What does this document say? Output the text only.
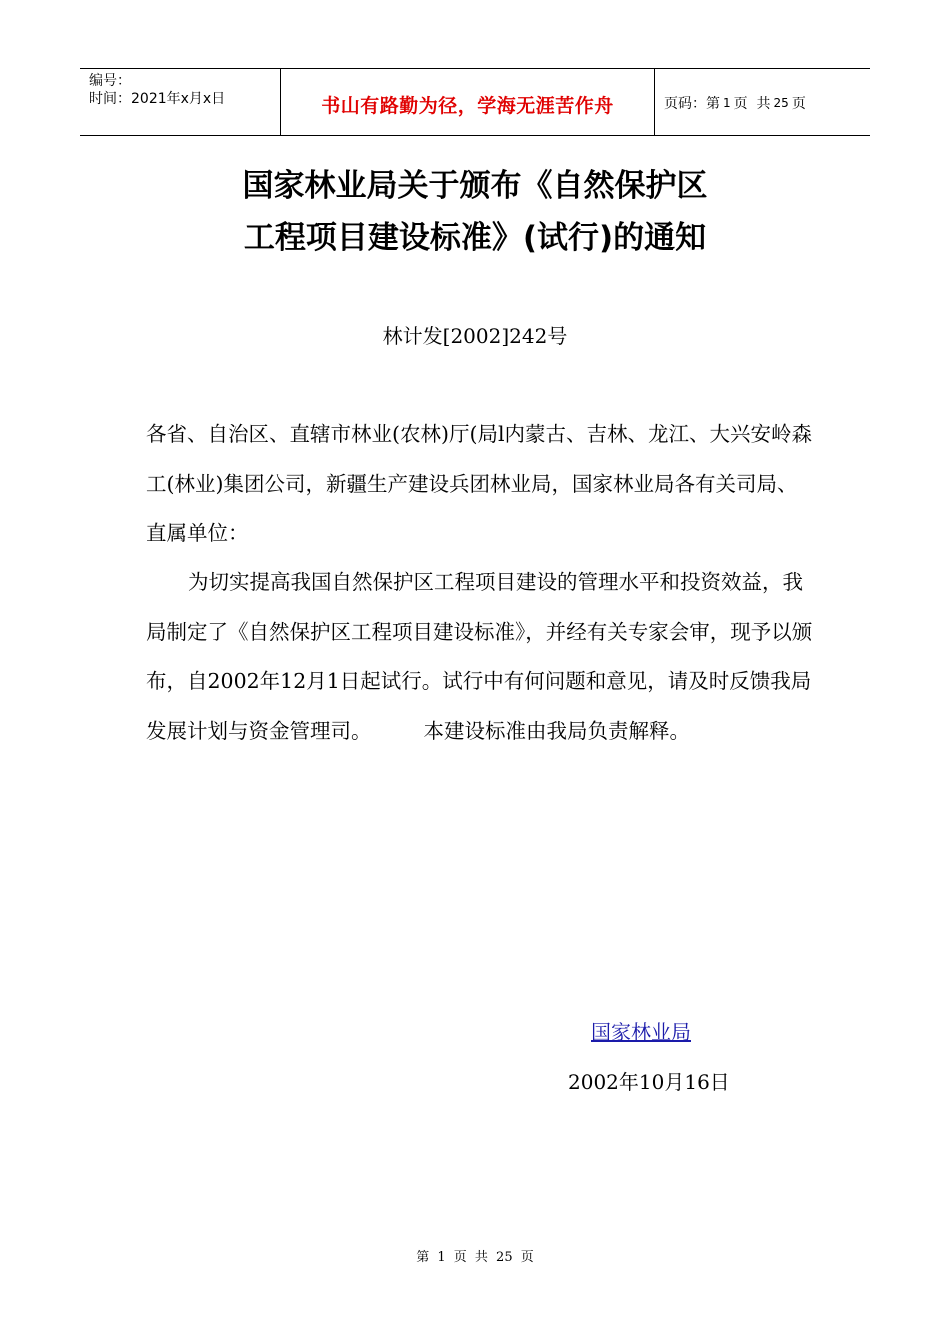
编号：
时间：2021年x月x日	书山有路勤为径，学海无涯苦作舟	页码：第 1 页  共 25 页
国家林业局关于颁布《自然保护区
工程项目建设标准》(试行)的通知
林计发[2002]242号
各省、自治区、直辖市林业(农林)厅(局l内蒙古、吉林、龙江、大兴安岭森工(林业)集团公司，新疆生产建设兵团林业局，国家林业局各有关司局、直属单位：
为切实提高我国自然保护区工程项目建设的管理水平和投资效益，我局制定了《自然保护区工程项目建设标准》，并经有关专家会审，现予以颁布，自2002年12月1日起试行。试行中有何问题和意见，请及时反馈我局发展计划与资金管理司。	本建设标准由我局负责解释。
国家林业局
2002年10月16日
第 1 页 共 25 页
